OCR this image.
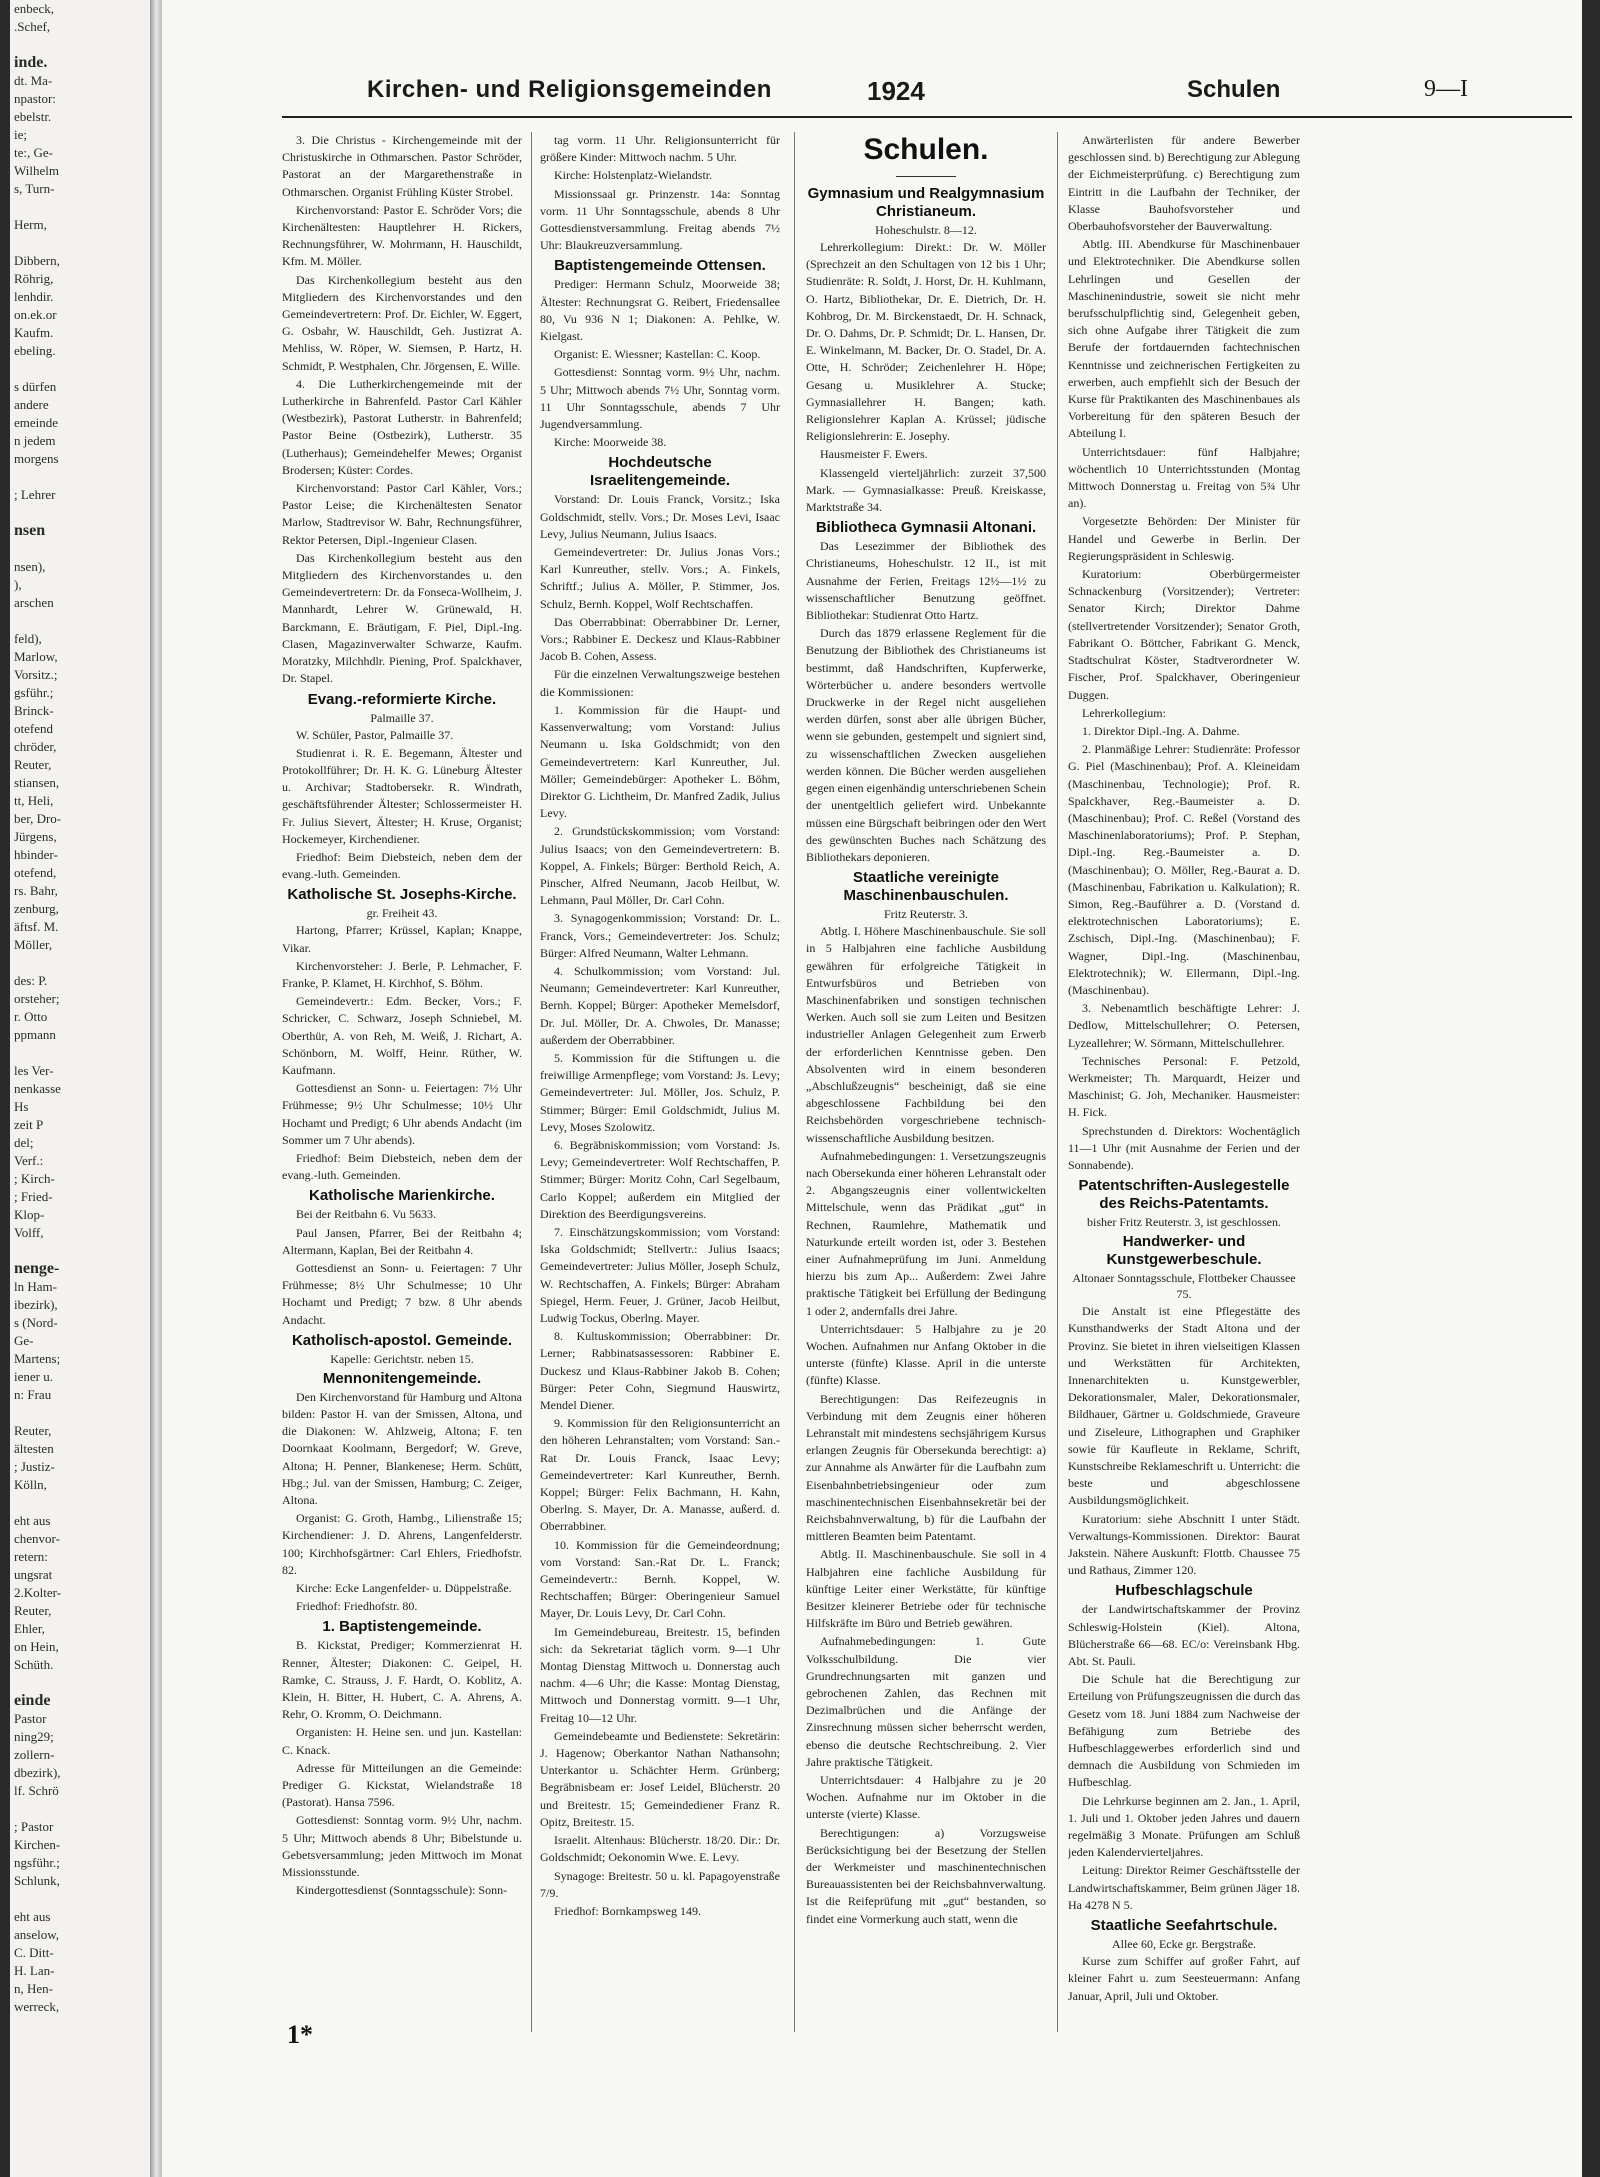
enbeck,
.Schef,

inde.
dt. Ma-
npastor:
ebelstr.
ie;
te:, Ge-
Wilhelm
s, Turn-

Herm,

Dibbern,
Röhrig,
lenhdir.
on.ek.or
Kaufm.
ebeling.

s dürfen
andere
emeinde
n jedem
morgens

; Lehrer

nsen

nsen),
),
arschen

feld),
Marlow,
Vorsitz.;
gsführ.;
Brinck-
otefend
chröder,
Reuter,
stiansen,
tt, Heli,
ber, Dro-
Jürgens,
hbinder-
otefend,
rs. Bahr,
zenburg,
äftsf. M.
Möller,

des: P.
orsteher;
r. Otto
ppmann

les Ver-
nenkasse
Hs
zeit P
del;
Verf.:
; Kirch-
; Fried-
Klop-
Volff,

nenge-
ln Ham-
ibezirk),
s (Nord-
Ge-
Martens;
iener u.
n: Frau

Reuter,
ältesten
; Justiz-
Kölln,

eht aus
chenvor-
retern:
ungsrat
2.Kolter-
Reuter,
Ehler,
on Hein,
Schüth.

einde
Pastor
ning29;
zollern-
dbezirk),
lf. Schrö

; Pastor
Kirchen-
ngsführ.;
Schlunk,

eht aus
anselow,
C. Ditt-
H. Lan-
n, Hen-
werreck,
Kirchen- und Religionsgemeinden	1924	Schulen	9—I

3. Die Christus - Kirchengemeinde mit der Christuskirche in Othmarschen. Pastor Schröder, Pastorat an der Margarethenstraße in Othmarschen. Organist Frühling Küster Strobel.

Kirchenvorstand: Pastor E. Schröder Vors; die Kirchenältesten: Hauptlehrer H. Rickers, Rechnungsführer, W. Mohrmann, H. Hauschildt, Kfm. M. Möller.

Das Kirchenkollegium besteht aus den Mitgliedern des Kirchenvorstandes und den Gemeindevertretern: Prof. Dr. Eichler, W. Eggert, G. Osbahr, W. Hauschildt, Geh. Justizrat A. Mehliss, W. Röper, W. Siemsen, P. Hartz, H. Schmidt, P. Westphalen, Chr. Jörgensen, E. Wille.

4. Die Lutherkirchengemeinde mit der Lutherkirche in Bahrenfeld. Pastor Carl Kähler (Westbezirk), Pastorat Lutherstr. in Bahrenfeld; Pastor Beine (Ostbezirk), Lutherstr. 35 (Lutherhaus); Gemeindehelfer Mewes; Organist Brodersen; Küster: Cordes.

Kirchenvorstand: Pastor Carl Kähler, Vors.; Pastor Leise; die Kirchenältesten Senator Marlow, Stadtrevisor W. Bahr, Rechnungsführer, Rektor Petersen, Dipl.-Ingenieur Clasen.

Das Kirchenkollegium besteht aus den Mitgliedern des Kirchenvorstandes u. den Gemeindevertretern: Dr. da Fonseca-Wollheim, J. Mannhardt, Lehrer W. Grünewald, H. Barckmann, E. Bräutigam, F. Piel, Dipl.-Ing. Clasen, Magazinverwalter Schwarze, Kaufm. Moratzky, Milchhdlr. Piening, Prof. Spalckhaver, Dr. Stapel.

Evang.-reformierte Kirche.
Palmaille 37.

W. Schüler, Pastor, Palmaille 37.

Studienrat i. R. E. Begemann, Ältester und Protokollführer; Dr. H. K. G. Lüneburg Ältester u. Archivar; Stadtobersekr. R. Windrath, geschäftsführender Ältester; Schlossermeister H. Fr. Julius Sievert, Ältester; H. Kruse, Organist; Hockemeyer, Kirchendiener.

Friedhof: Beim Diebsteich, neben dem der evang.-luth. Gemeinden.

Katholische St. Josephs-Kirche.
gr. Freiheit 43.

Hartong, Pfarrer; Krüssel, Kaplan; Knappe, Vikar.

Kirchenvorsteher: J. Berle, P. Lehmacher, F. Franke, P. Klamet, H. Kirchhof, S. Böhm.

Gemeindevertr.: Edm. Becker, Vors.; F. Schricker, C. Schwarz, Joseph Schniebel, M. Oberthür, A. von Reh, M. Weiß, J. Richart, A. Schönborn, M. Wolff, Heinr. Rüther, W. Kaufmann.

Gottesdienst an Sonn- u. Feiertagen: 7½ Uhr Frühmesse; 9½ Uhr Schulmesse; 10½ Uhr Hochamt und Predigt; 6 Uhr abends Andacht (im Sommer um 7 Uhr abends).

Friedhof: Beim Diebsteich, neben dem der evang.-luth. Gemeinden.

Katholische Marienkirche.

Bei der Reitbahn 6. Vu 5633.

Paul Jansen, Pfarrer, Bei der Reitbahn 4; Altermann, Kaplan, Bei der Reitbahn 4.

Gottesdienst an Sonn- u. Feiertagen: 7 Uhr Frühmesse; 8½ Uhr Schulmesse; 10 Uhr Hochamt und Predigt; 7 bzw. 8 Uhr abends Andacht.

Katholisch-apostol. Gemeinde.
Kapelle: Gerichtstr. neben 15.
Mennonitengemeinde.

Den Kirchenvorstand für Hamburg und Altona bilden: Pastor H. van der Smissen, Altona, und die Diakonen: W. Ahlzweig, Altona; F. ten Doornkaat Koolmann, Bergedorf; W. Greve, Altona; H. Penner, Blankenese; Herm. Schütt, Hbg.; Jul. van der Smissen, Hamburg; C. Zeiger, Altona.

Organist: G. Groth, Hambg., Lilienstraße 15; Kirchendiener: J. D. Ahrens, Langenfelderstr. 100; Kirchhofsgärtner: Carl Ehlers, Friedhofstr. 82.

Kirche: Ecke Langenfelder- u. Düppelstraße.

Friedhof: Friedhofstr. 80.

1. Baptistengemeinde.

B. Kickstat, Prediger; Kommerzienrat H. Renner, Ältester; Diakonen: C. Geipel, H. Ramke, C. Strauss, J. F. Hardt, O. Koblitz, A. Klein, H. Bitter, H. Hubert, C. A. Ahrens, A. Rehr, O. Kromm, O. Deichmann.

Organisten: H. Heine sen. und jun. Kastellan: C. Knack.

Adresse für Mitteilungen an die Gemeinde: Prediger G. Kickstat, Wielandstraße 18 (Pastorat). Hansa 7596.

Gottesdienst: Sonntag vorm. 9½ Uhr, nachm. 5 Uhr; Mittwoch abends 8 Uhr; Bibelstunde u. Gebetsversammlung; jeden Mittwoch im Monat Missionsstunde.

Kindergottesdienst (Sonntagsschule): Sonn-

tag vorm. 11 Uhr. Religionsunterricht für größere Kinder: Mittwoch nachm. 5 Uhr.

Kirche: Holstenplatz-Wielandstr.

Missionssaal gr. Prinzenstr. 14a: Sonntag vorm. 11 Uhr Sonntagsschule, abends 8 Uhr Gottesdienstversammlung. Freitag abends 7½ Uhr: Blaukreuzversammlung.

Baptistengemeinde Ottensen.

Prediger: Hermann Schulz, Moorweide 38; Ältester: Rechnungsrat G. Reibert, Friedensallee 80, Vu 936 N 1; Diakonen: A. Pehlke, W. Kielgast.

Organist: E. Wiessner; Kastellan: C. Koop.

Gottesdienst: Sonntag vorm. 9½ Uhr, nachm. 5 Uhr; Mittwoch abends 7½ Uhr, Sonntag vorm. 11 Uhr Sonntagsschule, abends 7 Uhr Jugendversammlung.

Kirche: Moorweide 38.

Hochdeutsche Israelitengemeinde.

Vorstand: Dr. Louis Franck, Vorsitz.; Iska Goldschmidt, stellv. Vors.; Dr. Moses Levi, Isaac Levy, Julius Neumann, Julius Isaacs.

Gemeindevertreter: Dr. Julius Jonas Vors.; Karl Kunreuther, stellv. Vors.; A. Finkels, Schriftf.; Julius A. Möller, P. Stimmer, Jos. Schulz, Bernh. Koppel, Wolf Rechtschaffen.

Das Oberrabbinat: Oberrabbiner Dr. Lerner, Vors.; Rabbiner E. Deckesz und Klaus-Rabbiner Jacob B. Cohen, Assess.

Für die einzelnen Verwaltungszweige bestehen die Kommissionen:

1. Kommission für die Haupt- und Kassenverwaltung; vom Vorstand: Julius Neumann u. Iska Goldschmidt; von den Gemeindevertretern: Karl Kunreuther, Jul. Möller; Gemeindebürger: Apotheker L. Böhm, Direktor G. Lichtheim, Dr. Manfred Zadik, Julius Levy.

2. Grundstückskommission; vom Vorstand: Julius Isaacs; von den Gemeindevertretern: B. Koppel, A. Finkels; Bürger: Berthold Reich, A. Pinscher, Alfred Neumann, Jacob Heilbut, W. Lehmann, Paul Möller, Dr. Carl Cohn.

3. Synagogenkommission; Vorstand: Dr. L. Franck, Vors.; Gemeindevertreter: Jos. Schulz; Bürger: Alfred Neumann, Walter Lehmann.

4. Schulkommission; vom Vorstand: Jul. Neumann; Gemeindevertreter: Karl Kunreuther, Bernh. Koppel; Bürger: Apotheker Memelsdorf, Dr. Jul. Möller, Dr. A. Chwoles, Dr. Manasse; außerdem der Oberrabbiner.

5. Kommission für die Stiftungen u. die freiwillige Armenpflege; vom Vorstand: Js. Levy; Gemeindevertreter: Jul. Möller, Jos. Schulz, P. Stimmer; Bürger: Emil Goldschmidt, Julius M. Levy, Moses Szolowitz.

6. Begräbniskommission; vom Vorstand: Js. Levy; Gemeindevertreter: Wolf Rechtschaffen, P. Stimmer; Bürger: Moritz Cohn, Carl Segelbaum, Carlo Koppel; außerdem ein Mitglied der Direktion des Beerdigungsvereins.

7. Einschätzungskommission; vom Vorstand: Iska Goldschmidt; Stellvertr.: Julius Isaacs; Gemeindevertreter: Julius Möller, Joseph Schulz, W. Rechtschaffen, A. Finkels; Bürger: Abraham Spiegel, Herm. Feuer, J. Grüner, Jacob Heilbut, Ludwig Tockus, Oberlng. Mayer.

8. Kultuskommission; Oberrabbiner: Dr. Lerner; Rabbinatsassessoren: Rabbiner E. Duckesz und Klaus-Rabbiner Jakob B. Cohen; Bürger: Peter Cohn, Siegmund Hauswirtz, Mendel Diener.

9. Kommission für den Religionsunterricht an den höheren Lehranstalten; vom Vorstand: San.-Rat Dr. Louis Franck, Isaac Levy; Gemeindevertreter: Karl Kunreuther, Bernh. Koppel; Bürger: Felix Bachmann, H. Kahn, Oberlng. S. Mayer, Dr. A. Manasse, außerd. d. Oberrabbiner.

10. Kommission für die Gemeindeordnung; vom Vorstand: San.-Rat Dr. L. Franck; Gemeindevertr.: Bernh. Koppel, W. Rechtschaffen; Bürger: Oberingenieur Samuel Mayer, Dr. Louis Levy, Dr. Carl Cohn.

Im Gemeindebureau, Breitestr. 15, befinden sich: da Sekretariat täglich vorm. 9—1 Uhr Montag Dienstag Mittwoch u. Donnerstag auch nachm. 4—6 Uhr; die Kasse: Montag Dienstag, Mittwoch und Donnerstag vormitt. 9—1 Uhr, Freitag 10—12 Uhr.

Gemeindebeamte und Bedienstete: Sekretärin: J. Hagenow; Oberkantor Nathan Nathansohn; Unterkantor u. Schächter Herm. Grünberg; Begräbnisbeam er: Josef Leidel, Blücherstr. 20 und Breitestr. 15; Gemeindediener Franz R. Opitz, Breitestr. 15.

Israelit. Altenhaus: Blücherstr. 18/20. Dir.: Dr. Goldschmidt; Oekonomin Wwe. E. Levy.

Synagoge: Breitestr. 50 u. kl. Papagoyenstraße 7/9.

Friedhof: Bornkampsweg 149.

Schulen.
Gymnasium und Realgymnasium Christianeum.
Hoheschulstr. 8—12.

Lehrerkollegium: Direkt.: Dr. W. Möller (Sprechzeit an den Schultagen von 12 bis 1 Uhr; Studienräte: R. Soldt, J. Horst, Dr. H. Kuhlmann, O. Hartz, Bibliothekar, Dr. E. Dietrich, Dr. H. Kohbrog, Dr. M. Birckenstaedt, Dr. H. Schnack, Dr. O. Dahms, Dr. P. Schmidt; Dr. L. Hansen, Dr. E. Winkelmann, M. Backer, Dr. O. Stadel, Dr. A. Otte, H. Schröder; Zeichenlehrer H. Höpe; Gesang u. Musiklehrer A. Stucke; Gymnasiallehrer H. Bangen; kath. Religionslehrer Kaplan A. Krüssel; jüdische Religionslehrerin: E. Josephy.

Hausmeister F. Ewers.

Klassengeld vierteljährlich: zurzeit 37,500 Mark. — Gymnasialkasse: Preuß. Kreiskasse, Marktstraße 34.

Bibliotheca Gymnasii Altonani.

Das Lesezimmer der Bibliothek des Christianeums, Hoheschulstr. 12 II., ist mit Ausnahme der Ferien, Freitags 12½—1½ zu wissenschaftlicher Benutzung geöffnet. Bibliothekar: Studienrat Otto Hartz.

Durch das 1879 erlassene Reglement für die Benutzung der Bibliothek des Christianeums ist bestimmt, daß Handschriften, Kupferwerke, Wörterbücher u. andere besonders wertvolle Druckwerke in der Regel nicht ausgeliehen werden dürfen, sonst aber alle übrigen Bücher, wenn sie gebunden, gestempelt und signiert sind, zu wissenschaftlichen Zwecken ausgeliehen werden können. Die Bücher werden ausgeliehen gegen einen eigenhändig unterschriebenen Schein der unentgeltlich geliefert wird. Unbekannte müssen eine Bürgschaft beibringen oder den Wert des gewünschten Buches nach Schätzung des Bibliothekars deponieren.

Staatliche vereinigte Maschinenbauschulen.
Fritz Reuterstr. 3.

Abtlg. I. Höhere Maschinenbauschule. Sie soll in 5 Halbjahren eine fachliche Ausbildung gewähren für erfolgreiche Tätigkeit in Entwurfsbüros und Betrieben von Maschinenfabriken und sonstigen technischen Werken. Auch soll sie zum Leiten und Besitzen industrieller Anlagen Gelegenheit zum Erwerb der erforderlichen Kenntnisse geben. Den Absolventen wird in einem besonderen „Abschlußzeugnis“ bescheinigt, daß sie eine abgeschlossene Fachbildung bei den Reichsbehörden vorgeschriebene technisch-wissenschaftliche Ausbildung besitzen.

Aufnahmebedingungen: 1. Versetzungszeugnis nach Obersekunda einer höheren Lehranstalt oder 2. Abgangszeugnis einer vollentwickelten Mittelschule, wenn das Prädikat „gut“ in Rechnen, Raumlehre, Mathematik und Naturkunde erteilt worden ist, oder 3. Bestehen einer Aufnahmeprüfung im Juni. Anmeldung hierzu bis zum Ap... Außerdem: Zwei Jahre praktische Tätigkeit bei Erfüllung der Bedingung 1 oder 2, andernfalls drei Jahre.

Unterrichtsdauer: 5 Halbjahre zu je 20 Wochen. Aufnahmen nur Anfang Oktober in die unterste (fünfte) Klasse. April in die unterste (fünfte) Klasse.

Berechtigungen: Das Reifezeugnis in Verbindung mit dem Zeugnis einer höheren Lehranstalt mit mindestens sechsjährigem Kursus erlangen Zeugnis für Obersekunda berechtigt: a) zur Annahme als Anwärter für die Laufbahn zum Eisenbahnbetriebsingenieur oder zum maschinentechnischen Eisenbahnsekretär bei der Reichsbahnverwaltung, b) für die Laufbahn der mittleren Beamten beim Patentamt.

Abtlg. II. Maschinenbauschule. Sie soll in 4 Halbjahren eine fachliche Ausbildung für künftige Leiter einer Werkstätte, für künftige Besitzer kleinerer Betriebe oder für technische Hilfskräfte im Büro und Betrieb gewähren.

Aufnahmebedingungen: 1. Gute Volksschulbildung. Die vier Grundrechnungsarten mit ganzen und gebrochenen Zahlen, das Rechnen mit Dezimalbrüchen und die Anfänge der Zinsrechnung müssen sicher beherrscht werden, ebenso die deutsche Rechtschreibung. 2. Vier Jahre praktische Tätigkeit.

Unterrichtsdauer: 4 Halbjahre zu je 20 Wochen. Aufnahme nur im Oktober in die unterste (vierte) Klasse.

Berechtigungen: a) Vorzugsweise Berücksichtigung bei der Besetzung der Stellen der Werkmeister und maschinentechnischen Bureauassistenten bei der Reichsbahnverwaltung. Ist die Reifeprüfung mit „gut“ bestanden, so findet eine Vormerkung auch statt, wenn die

Anwärterlisten für andere Bewerber geschlossen sind. b) Berechtigung zur Ablegung der Eichmeisterprüfung. c) Berechtigung zum Eintritt in die Laufbahn der Techniker, der Klasse Bauhofsvorsteher und Oberbauhofsvorsteher der Bauverwaltung.

Abtlg. III. Abendkurse für Maschinenbauer und Elektrotechniker. Die Abendkurse sollen Lehrlingen und Gesellen der Maschinenindustrie, soweit sie nicht mehr berufsschulpflichtig sind, Gelegenheit geben, sich ohne Aufgabe ihrer Tätigkeit die zum Berufe der fortdauernden fachtechnischen Kenntnisse und zeichnerischen Fertigkeiten zu erwerben, auch empfiehlt sich der Besuch der Kurse für Praktikanten des Maschinenbaues als Vorbereitung für den späteren Besuch der Abteilung I.

Unterrichtsdauer: fünf Halbjahre; wöchentlich 10 Unterrichtsstunden (Montag Mittwoch Donnerstag u. Freitag von 5¾ Uhr an).

Vorgesetzte Behörden: Der Minister für Handel und Gewerbe in Berlin. Der Regierungspräsident in Schleswig.

Kuratorium: Oberbürgermeister Schnackenburg (Vorsitzender); Vertreter: Senator Kirch; Direktor Dahme (stellvertretender Vorsitzender); Senator Groth, Fabrikant O. Böttcher, Fabrikant G. Menck, Stadtschulrat Köster, Stadtverordneter W. Fischer, Prof. Spalckhaver, Oberingenieur Duggen.

Lehrerkollegium:

1. Direktor Dipl.-Ing. A. Dahme.

2. Planmäßige Lehrer: Studienräte: Professor G. Piel (Maschinenbau); Prof. A. Kleineidam (Maschinenbau, Technologie); Prof. R. Spalckhaver, Reg.-Baumeister a. D. (Maschinenbau); Prof. C. Reßel (Vorstand des Maschinenlaboratoriums); Prof. P. Stephan, Dipl.-Ing. Reg.-Baumeister a. D. (Maschinenbau); O. Möller, Reg.-Baurat a. D. (Maschinenbau, Fabrikation u. Kalkulation); R. Simon, Reg.-Bauführer a. D. (Vorstand d. elektrotechnischen Laboratoriums); E. Zschisch, Dipl.-Ing. (Maschinenbau); F. Wagner, Dipl.-Ing. (Maschinenbau, Elektrotechnik); W. Ellermann, Dipl.-Ing. (Maschinenbau).

3. Nebenamtlich beschäftigte Lehrer: J. Dedlow, Mittelschullehrer; O. Petersen, Lyzeallehrer; W. Sörmann, Mittelschullehrer.

Technisches Personal: F. Petzold, Werkmeister; Th. Marquardt, Heizer und Maschinist; G. Joh, Mechaniker. Hausmeister: H. Fick.

Sprechstunden d. Direktors: Wochentäglich 11—1 Uhr (mit Ausnahme der Ferien und der Sonnabende).

Patentschriften-Auslegestelle des Reichs-Patentamts.
bisher Fritz Reuterstr. 3, ist geschlossen.
Handwerker- und Kunstgewerbeschule.
Altonaer Sonntagsschule, Flottbeker Chaussee 75.

Die Anstalt ist eine Pflegestätte des Kunsthandwerks der Stadt Altona und der Provinz. Sie bietet in ihren vielseitigen Klassen und Werkstätten für Architekten, Innenarchitekten u. Kunstgewerbler, Dekorationsmaler, Maler, Dekorationsmaler, Bildhauer, Gärtner u. Goldschmiede, Graveure und Ziseleure, Lithographen und Graphiker sowie für Kaufleute in Reklame, Schrift, Kunstschreibe Reklameschrift u. Unterricht: die beste und abgeschlossene Ausbildungsmöglichkeit.

Kuratorium: siehe Abschnitt I unter Städt. Verwaltungs-Kommissionen. Direktor: Baurat Jakstein. Nähere Auskunft: Flottb. Chaussee 75 und Rathaus, Zimmer 120.

Hufbeschlagschule

der Landwirtschaftskammer der Provinz Schleswig-Holstein (Kiel). Altona, Blücherstraße 66—68. EC/o: Vereinsbank Hbg. Abt. St. Pauli.

Die Schule hat die Berechtigung zur Erteilung von Prüfungszeugnissen die durch das Gesetz vom 18. Juni 1884 zum Nachweise der Befähigung zum Betriebe des Hufbeschlaggewerbes erforderlich sind und demnach die Ausbildung von Schmieden im Hufbeschlag.

Die Lehrkurse beginnen am 2. Jan., 1. April, 1. Juli und 1. Oktober jeden Jahres und dauern regelmäßig 3 Monate. Prüfungen am Schluß jeden Kalendervierteljahres.

Leitung: Direktor Reimer Geschäftsstelle der Landwirtschaftskammer, Beim grünen Jäger 18. Ha 4278 N 5.

Staatliche Seefahrtschule.
Allee 60, Ecke gr. Bergstraße.

Kurse zum Schiffer auf großer Fahrt, auf kleiner Fahrt u. zum Seesteuermann: Anfang Januar, April, Juli und Oktober.

1*
